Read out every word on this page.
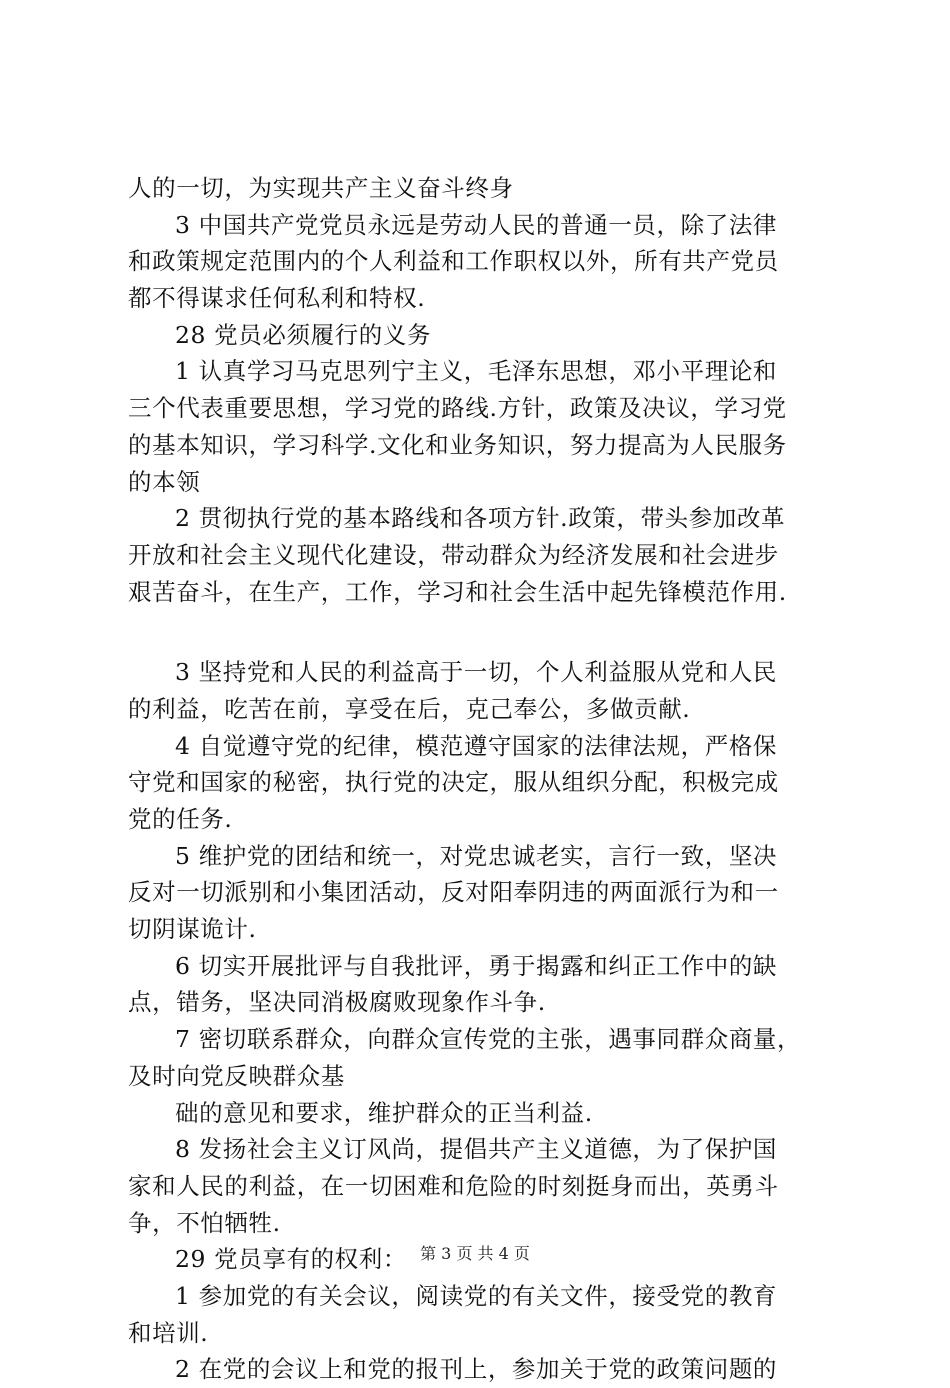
人的一切，为实现共产主义奋斗终身
3 中国共产党党员永远是劳动人民的普通一员，除了法律
和政策规定范围内的个人利益和工作职权以外，所有共产党员
都不得谋求任何私利和特权.
28 党员必须履行的义务
1 认真学习马克思列宁主义，毛泽东思想，邓小平理论和
三个代表重要思想，学习党的路线.方针，政策及决议，学习党
的基本知识，学习科学.文化和业务知识，努力提高为人民服务
的本领
2 贯彻执行党的基本路线和各项方针.政策，带头参加改革
开放和社会主义现代化建设，带动群众为经济发展和社会进步
艰苦奋斗，在生产，工作，学习和社会生活中起先锋模范作用.
3 坚持党和人民的利益高于一切，个人利益服从党和人民
的利益，吃苦在前，享受在后，克己奉公，多做贡献.
4 自觉遵守党的纪律，模范遵守国家的法律法规，严格保
守党和国家的秘密，执行党的决定，服从组织分配，积极完成
党的任务.
5 维护党的团结和统一，对党忠诚老实，言行一致，坚决
反对一切派别和小集团活动，反对阳奉阴违的两面派行为和一
切阴谋诡计.
6 切实开展批评与自我批评，勇于揭露和纠正工作中的缺
点，错务，坚决同消极腐败现象作斗争.
7 密切联系群众，向群众宣传党的主张，遇事同群众商量，
及时向党反映群众基
础的意见和要求，维护群众的正当利益.
8 发扬社会主义订风尚，提倡共产主义道德，为了保护国
家和人民的利益，在一切困难和危险的时刻挺身而出，英勇斗
争，不怕牺牲.
29 党员享有的权利：
1 参加党的有关会议，阅读党的有关文件，接受党的教育
和培训.
2 在党的会议上和党的报刊上，参加关于党的政策问题的
第 3 页 共 4 页
